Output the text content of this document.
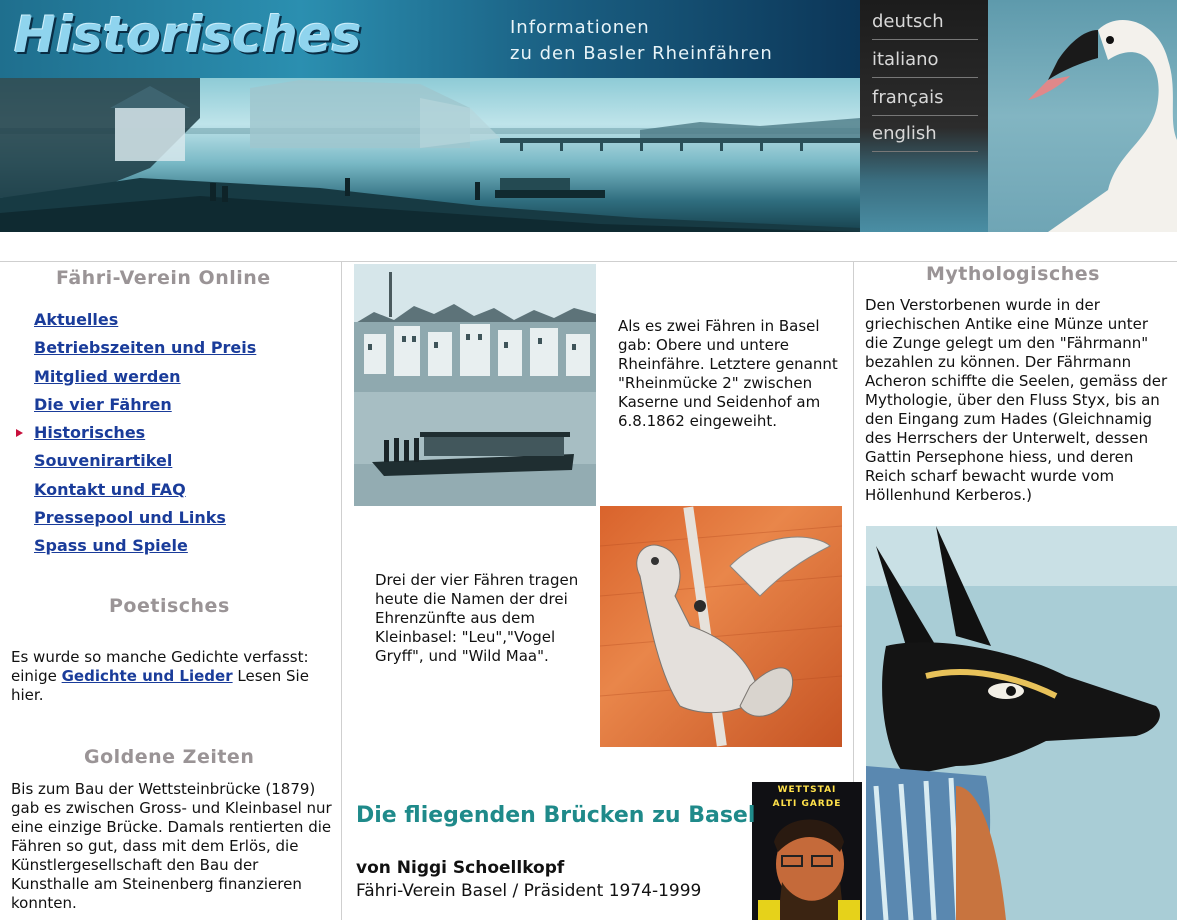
Historisches	Informationen
zu den Basler Rheinfähren
deutsch
italiano
français
english
Fähri-Verein Online
Aktuelles
Betriebszeiten und Preis
Mitglied werden
Die vier Fähren
Historisches
Souvenirartikel
Kontakt und FAQ
Pressepool und Links
Spass und Spiele
Poetisches
Es wurde so manche Gedichte verfasst: einige Gedichte und Lieder Lesen Sie hier.
Goldene Zeiten
Bis zum Bau der Wettsteinbrücke (1879) gab es zwischen Gross- und Kleinbasel nur eine einzige Brücke. Damals rentierten die Fähren so gut, dass mit dem Erlös, die Künstlergesellschaft den Bau der Kunsthalle am Steinenberg finanzieren konnten.
Als es zwei Fähren in Basel gab: Obere und untere Rheinfähre. Letztere genannt "Rheinmücke 2" zwischen Kaserne und Seidenhof am 6.8.1862 eingeweiht.
Drei der vier Fähren tragen heute die Namen der drei Ehrenzünfte aus dem Kleinbasel: "Leu","Vogel Gryff", und "Wild Maa".
WETTSTAI
ALTI GARDE
Die fliegenden Brücken zu Basel
von Niggi Schoellkopf
Fähri-Verein Basel / Präsident 1974-1999
Mythologisches
Den Verstorbenen wurde in der griechischen Antike eine Münze unter die Zunge gelegt um den "Fährmann" bezahlen zu können. Der Fährmann Acheron schiffte die Seelen, gemäss der Mythologie, über den Fluss Styx, bis an den Eingang zum Hades (Gleichnamig des Herrschers der Unterwelt, dessen Gattin Persephone hiess, und deren Reich scharf bewacht wurde vom Höllenhund Kerberos.)
